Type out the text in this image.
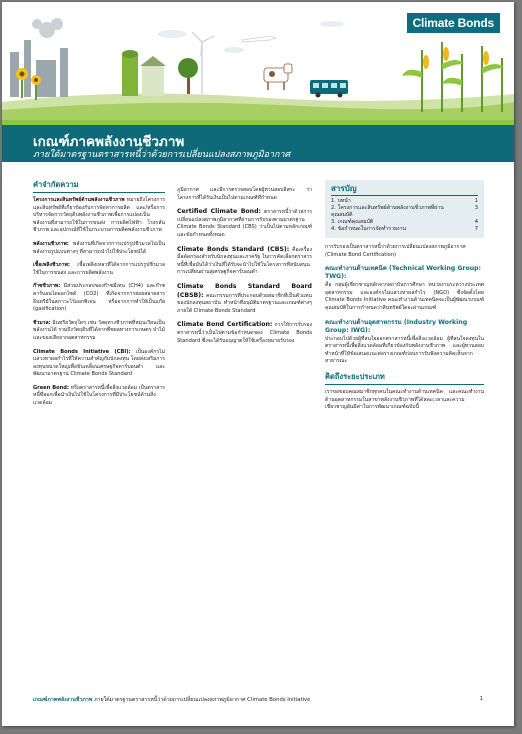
Climate Bonds
เกณฑ์ภาคพลังงานชีวภาพ
ภายใต้มาตรฐานตราสารหนี้ว่าด้วยการเปลี่ยนแปลงสภาพภูมิอากาศ
คำจำกัดความ

โครงการและสินทรัพย์ด้านพลังงานชีวภาพ หมายถึงโครงการและสินทรัพย์ที่เกี่ยวข้องกับการจัดหาการผลิต และ/หรือการบริหารจัดการวัตถุดิบพลังงานชีวภาพเพื่อการแปลงเป็นพลังงานที่สามารถใช้ในการขนส่ง การผลิตไฟฟ้า โรงกลั่นชีวภาพ และอุปกรณ์ที่ใช้ในกระบวนการผลิตพลังงานชีวภาพ

พลังงานชีวภาพ: พลังงานที่เกิดจากการแปรรูปชีวมวลไปเป็นพลังงานรูปแบบต่างๆ ที่สามารถนำไปใช้ประโยชน์ได้

เชื้อเพลิงชีวภาพ: เชื้อเพลิงเหลวที่ได้จากการแปรรูปชีวมวล ใช้ในการขนส่ง และการผลิตพลังงาน

ก๊าซชีวภาพ: มีส่วนประกอบของก๊าซมีเทน (CH4) และก๊าซคาร์บอนไดออกไซด์ (CO2) ที่เกิดจากการย่อยสลายสารอินทรีย์ในสภาวะไร้ออกซิเจน หรือจากการทำให้เป็นแก๊ส (gasification)

ชีวมวล: อินทรียวัตถุใดๆ เช่น วัสดุทางชีวภาพที่หมุนเวียนเป็นพลังงานได้ รวมถึงวัตถุดิบที่ได้จากพืชผลทางการเกษตร ป่าไม้ และของเสียจากอุตสาหกรรม

Climate Bonds Initiative (CBI): เป็นองค์กรไม่แสวงหาผลกำไรที่ให้ความสำคัญกับนักลงทุน โดยส่งเสริมการลงทุนขนาดใหญ่เพื่อขับเคลื่อนเศรษฐกิจคาร์บอนต่ำ และพัฒนามาตรฐาน Climate Bonds Standard

Green Bond: หรือตราสารหนี้เพื่อสิ่งแวดล้อม เป็นตราสารหนี้ที่ออกเพื่อนำเงินไปใช้ในโครงการที่มีประโยชน์ด้านสิ่งแวดล้อม

ภูมิอากาศ และมีการตรวจสอบโดยผู้ทวนสอบอิสระ ว่าโครงการที่ได้รับเงินเป็นไปตามเกณฑ์ที่กำหนด

Certified Climate Bond: ตราสารหนี้ว่าด้วยการเปลี่ยนแปลงสภาพภูมิอากาศที่ผ่านการรับรองตามมาตรฐาน Climate Bonds Standard (CBS) ว่าเป็นไปตามหลักเกณฑ์และข้อกำหนดทั้งหมด

Climate Bonds Standard (CBS): คือเครื่องมือคัดกรองสำหรับนักลงทุนและภาครัฐ ในการคัดเลือกตราสารหนี้ที่เชื่อมั่นได้ว่าเงินที่ได้รับจะนำไปใช้ในโครงการที่สนับสนุนการเปลี่ยนผ่านสู่เศรษฐกิจคาร์บอนต่ำ

Climate Bonds Standard Board (CBSB): คณะกรรมการที่ประกอบด้วยสมาชิกที่เป็นตัวแทนของนักลงทุนสถาบัน ทำหน้าที่อนุมัติมาตรฐานและเกณฑ์ต่างๆ ภายใต้ Climate Bonds Standard

Climate Bond Certification: การให้การรับรองตราสารหนี้ว่าเป็นไปตามข้อกำหนดของ Climate Bonds Standard ซึ่งจะได้รับอนุญาตให้ใช้เครื่องหมายรับรอง

สารบัญ
1. บทนำ	1
2. โครงการและสินทรัพย์ด้านพลังงานชีวภาพที่ผ่านคุณสมบัติ
3
3. เกณฑ์คุณสมบัติ	4
4. ข้อกำหนดในการจัดทำรายงาน	7

การรับรองเป็นตราสารหนี้ว่าด้วยการเปลี่ยนแปลงสภาพภูมิอากาศ (Climate Bond Certification)

คณะทำงานด้านเทคนิค (Technical Working Group: TWG):

คือ กลุ่มผู้เชี่ยวชาญหลักจากสถาบันการศึกษา หน่วยงานระหว่างประเทศ อุตสาหกรรม และองค์กรไม่แสวงหาผลกำไร (NGO) ซึ่งจัดตั้งโดย Climate Bonds Initiative คณะทำงานด้านเทคนิคจะเป็นผู้พัฒนาเกณฑ์คุณสมบัติในการกำหนดว่าสินทรัพย์ใดจะผ่านเกณฑ์

คณะทำงานด้านอุตสาหกรรม (Industry Working Group: IWG):

ประกอบไปด้วยผู้ที่สนใจออกตราสารหนี้เพื่อสิ่งแวดล้อม ผู้ที่สนใจลงทุนในตราสารหนี้เพื่อสิ่งแวดล้อมที่เกี่ยวข้องกับพลังงานชีวภาพ และผู้ทวนสอบ ทำหน้าที่ให้ข้อเสนอแนะต่อร่างเกณฑ์ก่อนการรับฟังความคิดเห็นจากสาธารณะ

คิดถึงระยะประเภท

เราขอขอบคุณสมาชิกทุกคนในคณะทำงานด้านเทคนิค และคณะทำงานด้านอุตสาหกรรมในสาขาพลังงานชีวภาพที่ได้สละเวลาและความเชี่ยวชาญอันมีค่าในการพัฒนาเกณฑ์ฉบับนี้

เกณฑ์ภาคพลังงานชีวภาพ ภายใต้มาตรฐานตราสารหนี้ว่าด้วยการเปลี่ยนแปลงสภาพภูมิอากาศ Climate Bonds Initiative	1
